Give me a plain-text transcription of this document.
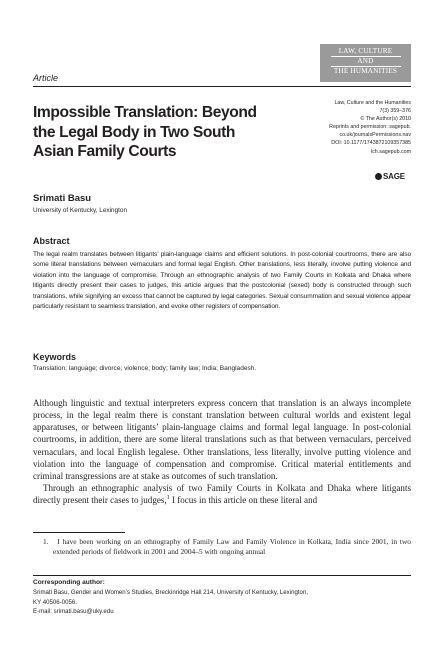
LAW, CULTURE
AND
THE HUMANITIES
Article
Law, Culture and the Humanities
7(3) 359–376
© The Author(s) 2010
Reprints and permission: sagepub.
co.uk/journalsPermissions.nav
DOI: 10.1177/1743872109357385
lch.sagepub.com
SAGE
Impossible Translation: Beyond
the Legal Body in Two South
Asian Family Courts
Srimati Basu
University of Kentucky, Lexington
Abstract
The legal realm translates between litigants’ plain-language claims and efficient solutions. In post-colonial courtrooms, there are also some literal translations between vernaculars and formal legal English. Other translations, less literally, involve putting violence and violation into the language of compromise. Through an ethnographic analysis of two Family Courts in Kolkata and Dhaka where litigants directly present their cases to judges, this article argues that the postcolonial (sexed) body is constructed through such translations, while signifying an excess that cannot be captured by legal categories. Sexual consummation and sexual violence appear particularly resistant to seamless translation, and evoke other registers of compensation.
Keywords
Translation; language; divorce; violence; body; family law; India; Bangladesh.

Although linguistic and textual interpreters express concern that translation is an always incomplete process, in the legal realm there is constant translation between cultural worlds and existent legal apparatuses, or between litigants’ plain-language claims and formal legal language. In post-colonial courtrooms, in addition, there are some literal translations such as that between vernaculars, perceived vernaculars, and local English legalese. Other translations, less literally, involve putting violence and violation into the language of compensation and compromise. Critical material entitlements and criminal transgressions are at stake as outcomes of such translation.

Through an ethnographic analysis of two Family Courts in Kolkata and Dhaka where litigants directly present their cases to judges,$^1$ I focus in this article on these literal and

1. I have been working on an ethnography of Family Law and Family Violence in Kolkata, India since 2001, in two extended periods of fieldwork in 2001 and 2004–5 with ongoing annual
Corresponding author:
Srimati Basu, Gender and Women’s Studies, Breckinridge Hall 214, University of Kentucky, Lexington,
KY 40506-0056.
E-mail: srimati.basu@uky.edu
